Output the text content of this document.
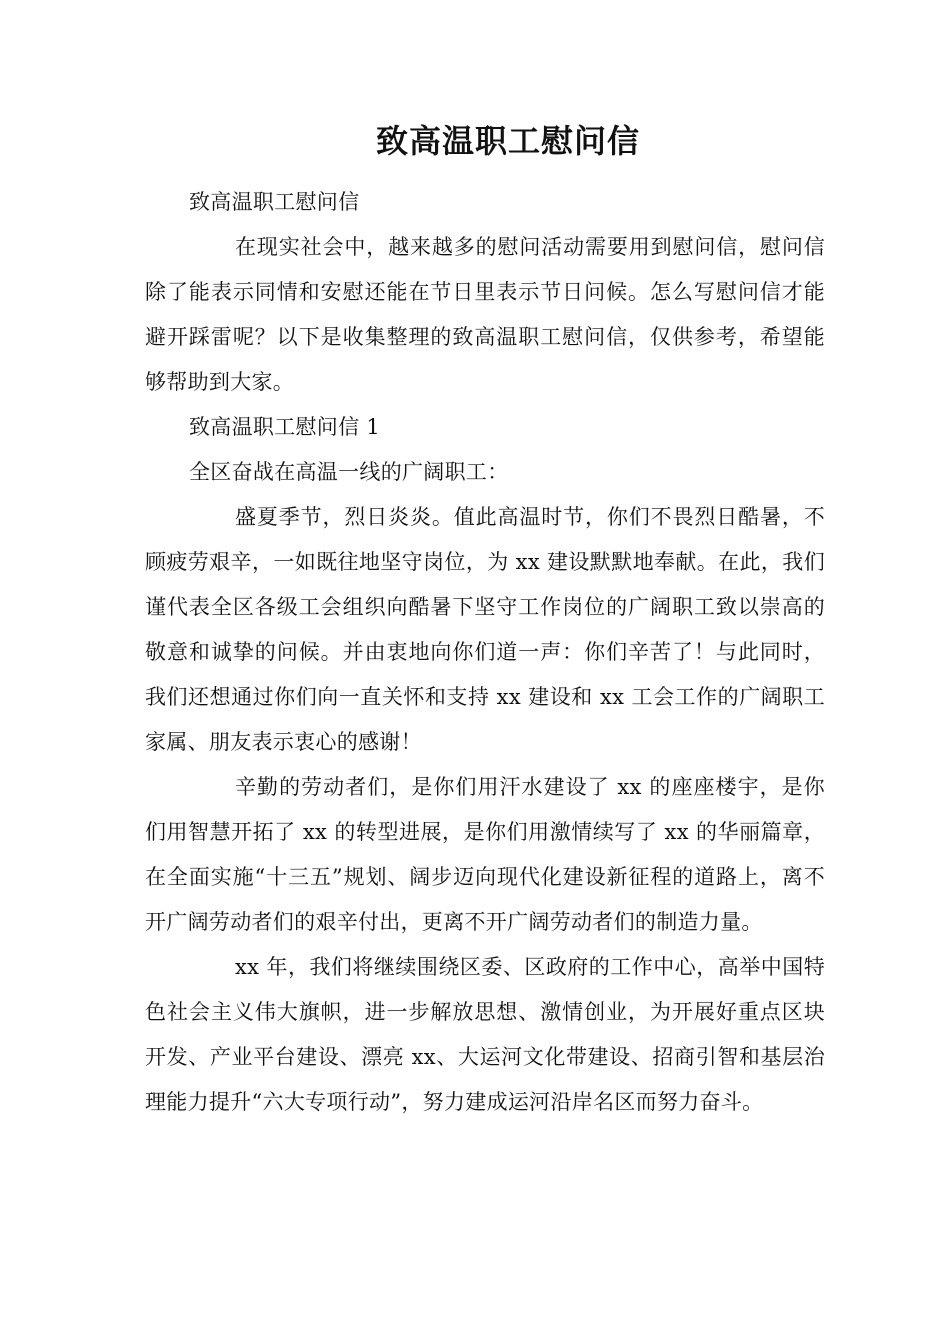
致高温职工慰问信

致高温职工慰问信

在现实社会中，越来越多的慰问活动需要用到慰问信，慰问信除了能表示同情和安慰还能在节日里表示节日问候。怎么写慰问信才能避开踩雷呢？以下是收集整理的致高温职工慰问信，仅供参考，希望能够帮助到大家。

致高温职工慰问信 1

全区奋战在高温一线的广阔职工：

盛夏季节，烈日炎炎。值此高温时节，你们不畏烈日酷暑，不顾疲劳艰辛，一如既往地坚守岗位，为 xx 建设默默地奉献。在此，我们谨代表全区各级工会组织向酷暑下坚守工作岗位的广阔职工致以崇高的敬意和诚挚的问候。并由衷地向你们道一声：你们辛苦了！与此同时，我们还想通过你们向一直关怀和支持 xx 建设和 xx 工会工作的广阔职工家属、朋友表示衷心的感谢！

辛勤的劳动者们，是你们用汗水建设了 xx 的座座楼宇，是你们用智慧开拓了 xx 的转型进展，是你们用激情续写了 xx 的华丽篇章，在全面实施“十三五”规划、阔步迈向现代化建设新征程的道路上，离不开广阔劳动者们的艰辛付出，更离不开广阔劳动者们的制造力量。

xx 年，我们将继续围绕区委、区政府的工作中心，高举中国特色社会主义伟大旗帜，进一步解放思想、激情创业，为开展好重点区块开发、产业平台建设、漂亮 xx、大运河文化带建设、招商引智和基层治理能力提升“六大专项行动”，努力建成运河沿岸名区而努力奋斗。
